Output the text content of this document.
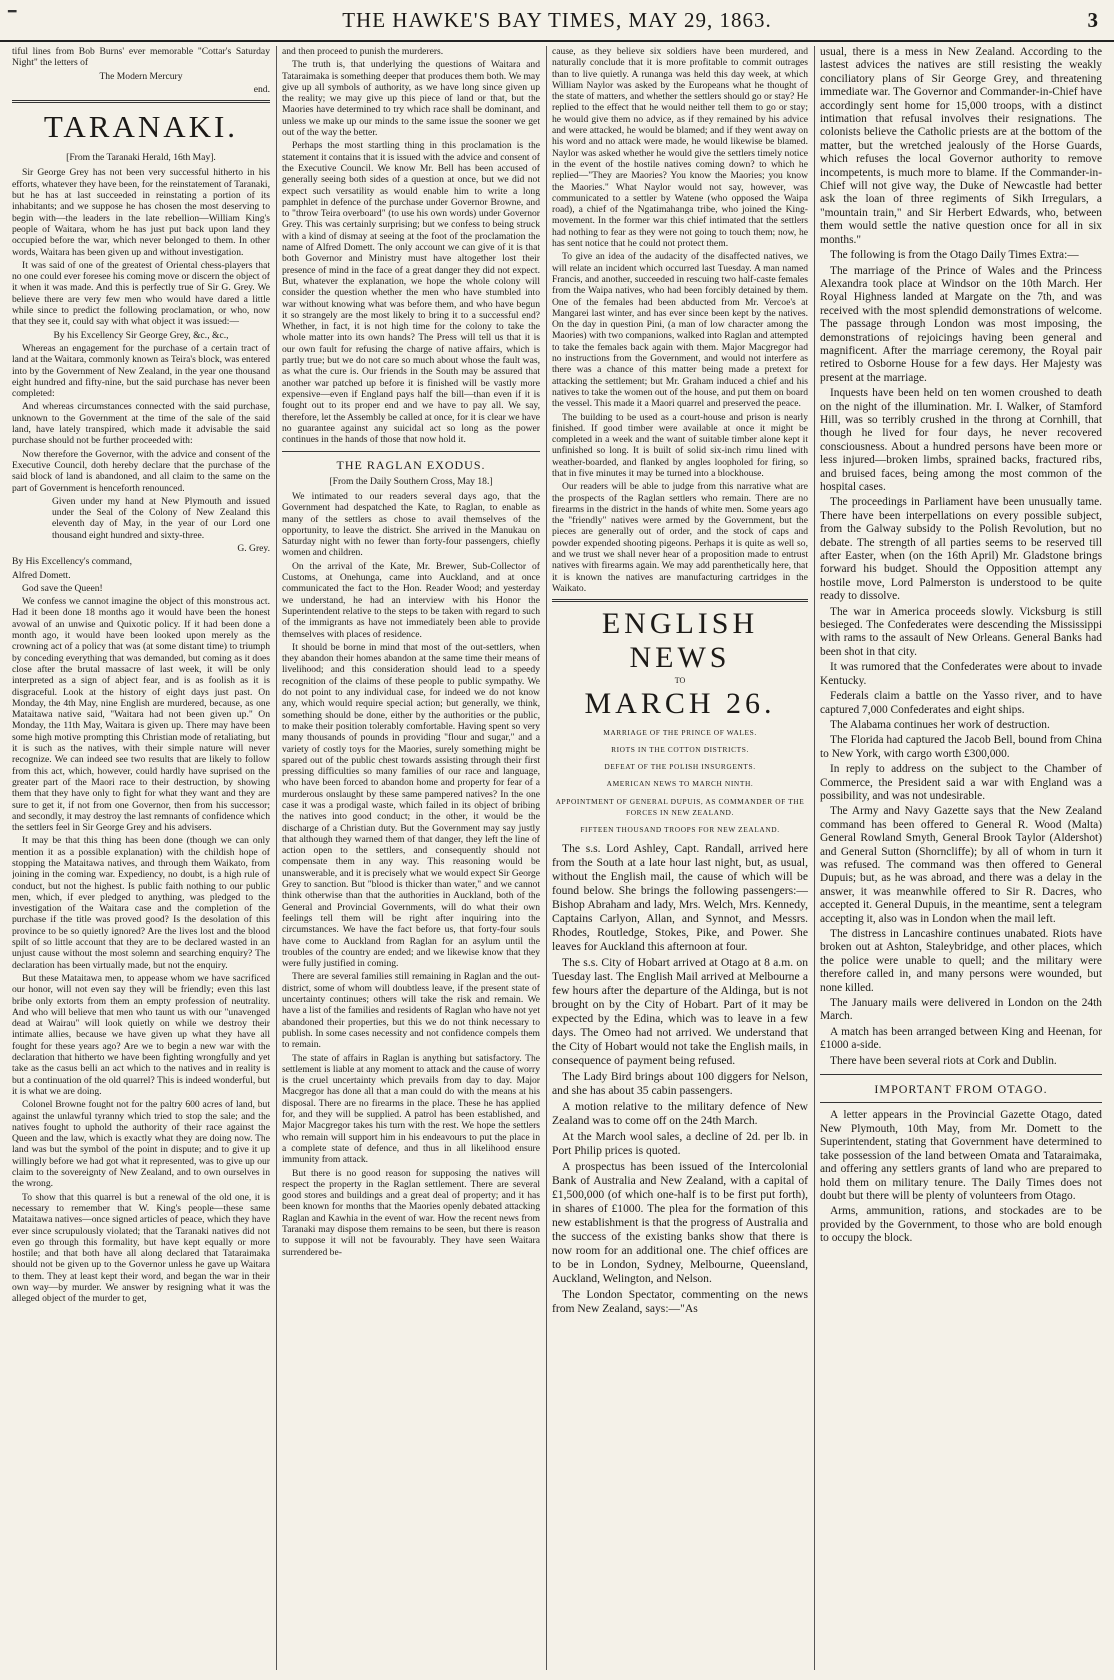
━	THE HAWKE'S BAY TIMES, MAY 29, 1863.	3

tiful lines from Bob Burns' ever memorable "Cottar's Saturday Night" the letters of

The Modern Mercury

end.

TARANAKI.

[From the Taranaki Herald, 16th May].

Sir George Grey has not been very successful hitherto in his efforts, whatever they have been, for the reinstatement of Taranaki, but he has at last succeeded in reinstating a portion of its inhabitants; and we suppose he has chosen the most deserving to begin with—the leaders in the late rebellion—William King's people of Waitara, whom he has just put back upon land they occupied before the war, which never belonged to them. In other words, Waitara has been given up and without investigation.

It was said of one of the greatest of Oriental chess-players that no one could ever foresee his coming move or discern the object of it when it was made. And this is perfectly true of Sir G. Grey. We believe there are very few men who would have dared a little while since to predict the following proclamation, or who, now that they see it, could say with what object it was issued:—

By his Excellency Sir George Grey, &c., &c.,

Whereas an engagement for the purchase of a certain tract of land at the Waitara, commonly known as Teira's block, was entered into by the Government of New Zealand, in the year one thousand eight hundred and fifty-nine, but the said purchase has never been completed:

And whereas circumstances connected with the said purchase, unknown to the Government at the time of the sale of the said land, have lately transpired, which made it advisable the said purchase should not be further proceeded with:

Now therefore the Governor, with the advice and consent of the Executive Council, doth hereby declare that the purchase of the said block of land is abandoned, and all claim to the same on the part of Government is henceforth renounced.

Given under my hand at New Plymouth and issued under the Seal of the Colony of New Zealand this eleventh day of May, in the year of our Lord one thousand eight hundred and sixty-three.

G. Grey.

By His Excellency's command,

Alfred Domett.

God save the Queen!

We confess we cannot imagine the object of this monstrous act. Had it been done 18 months ago it would have been the honest avowal of an unwise and Quixotic policy. If it had been done a month ago, it would have been looked upon merely as the crowning act of a policy that was (at some distant time) to triumph by conceding everything that was demanded, but coming as it does close after the brutal massacre of last week, it will be only interpreted as a sign of abject fear, and is as foolish as it is disgraceful. Look at the history of eight days just past. On Monday, the 4th May, nine English are murdered, because, as one Mataitawa native said, "Waitara had not been given up." On Monday, the 11th May, Waitara is given up. There may have been some high motive prompting this Christian mode of retaliating, but it is such as the natives, with their simple nature will never recognize. We can indeed see two results that are likely to follow from this act, which, however, could hardly have suprised on the greater part of the Maori race to their destruction, by showing them that they have only to fight for what they want and they are sure to get it, if not from one Governor, then from his successor; and secondly, it may destroy the last remnants of confidence which the settlers feel in Sir George Grey and his advisers.

It may be that this thing has been done (though we can only mention it as a possible explanation) with the childish hope of stopping the Mataitawa natives, and through them Waikato, from joining in the coming war. Expediency, no doubt, is a high rule of conduct, but not the highest. Is public faith nothing to our public men, which, if ever pledged to anything, was pledged to the investigation of the Waitara case and the completion of the purchase if the title was proved good? Is the desolation of this province to be so quietly ignored? Are the lives lost and the blood spilt of so little account that they are to be declared wasted in an unjust cause without the most solemn and searching enquiry? The declaration has been virtually made, but not the enquiry.

But these Mataitawa men, to appease whom we have sacrificed our honor, will not even say they will be friendly; even this last bribe only extorts from them an empty profession of neutrality. And who will believe that men who taunt us with our "unavenged dead at Wairau" will look quietly on while we destroy their intimate allies, because we have given up what they have all fought for these years ago? Are we to begin a new war with the declaration that hitherto we have been fighting wrongfully and yet take as the casus belli an act which to the natives and in reality is but a continuation of the old quarrel? This is indeed wonderful, but it is what we are doing.

Colonel Browne fought not for the paltry 600 acres of land, but against the unlawful tyranny which tried to stop the sale; and the natives fought to uphold the authority of their race against the Queen and the law, which is exactly what they are doing now. The land was but the symbol of the point in dispute; and to give it up willingly before we had got what it represented, was to give up our claim to the sovereignty of New Zealand, and to own ourselves in the wrong.

To show that this quarrel is but a renewal of the old one, it is necessary to remember that W. King's people—these same Mataitawa natives—once signed articles of peace, which they have ever since scrupulously violated; that the Taranaki natives did not even go through this formality, but have kept equally or more hostile; and that both have all along declared that Tataraimaka should not be given up to the Governor unless he gave up Waitara to them. They at least kept their word, and began the war in their own way—by murder. We answer by resigning what it was the alleged object of the murder to get,

and then proceed to punish the murderers.

The truth is, that underlying the questions of Waitara and Tataraimaka is something deeper that produces them both. We may give up all symbols of authority, as we have long since given up the reality; we may give up this piece of land or that, but the Maories have determined to try which race shall be dominant, and unless we make up our minds to the same issue the sooner we get out of the way the better.

Perhaps the most startling thing in this proclamation is the statement it contains that it is issued with the advice and consent of the Executive Council. We know Mr. Bell has been accused of generally seeing both sides of a question at once, but we did not expect such versatility as would enable him to write a long pamphlet in defence of the purchase under Governor Browne, and to "throw Teira overboard" (to use his own words) under Governor Grey. This was certainly surprising; but we confess to being struck with a kind of dismay at seeing at the foot of the proclamation the name of Alfred Domett. The only account we can give of it is that both Governor and Ministry must have altogether lost their presence of mind in the face of a great danger they did not expect. But, whatever the explanation, we hope the whole colony will consider the question whether the men who have stumbled into war without knowing what was before them, and who have begun it so strangely are the most likely to bring it to a successful end? Whether, in fact, it is not high time for the colony to take the whole matter into its own hands? The Press will tell us that it is our own fault for refusing the charge of native affairs, which is partly true; but we do not care so much about whose the fault was, as what the cure is. Our friends in the South may be assured that another war patched up before it is finished will be vastly more expensive—even if England pays half the bill—than even if it is fought out to its proper end and we have to pay all. We say, therefore, let the Assembly be called at once, for it is clear we have no guarantee against any suicidal act so long as the power continues in the hands of those that now hold it.

THE RAGLAN EXODUS.

[From the Daily Southern Cross, May 18.]

We intimated to our readers several days ago, that the Government had despatched the Kate, to Raglan, to enable as many of the settlers as chose to avail themselves of the opportunity, to leave the district. She arrived in the Manukau on Saturday night with no fewer than forty-four passengers, chiefly women and children.

On the arrival of the Kate, Mr. Brewer, Sub-Collector of Customs, at Onehunga, came into Auckland, and at once communicated the fact to the Hon. Reader Wood; and yesterday we understand, he had an interview with his Honor the Superintendent relative to the steps to be taken with regard to such of the immigrants as have not immediately been able to provide themselves with places of residence.

It should be borne in mind that most of the out-settlers, when they abandon their homes abandon at the same time their means of livelihood; and this consideration should lead to a speedy recognition of the claims of these people to public sympathy. We do not point to any individual case, for indeed we do not know any, which would require special action; but generally, we think, something should be done, either by the authorities or the public, to make their position tolerably comfortable. Having spent so very many thousands of pounds in providing "flour and sugar," and a variety of costly toys for the Maories, surely something might be spared out of the public chest towards assisting through their first pressing difficulties so many families of our race and language, who have been forced to abandon home and property for fear of a murderous onslaught by these same pampered natives? In the one case it was a prodigal waste, which failed in its object of bribing the natives into good conduct; in the other, it would be the discharge of a Christian duty. But the Government may say justly that although they warned them of that danger, they left the line of action open to the settlers, and consequently should not compensate them in any way. This reasoning would be unanswerable, and it is precisely what we would expect Sir George Grey to sanction. But "blood is thicker than water," and we cannot think otherwise than that the authorities in Auckland, both of the General and Provincial Governments, will do what their own feelings tell them will be right after inquiring into the circumstances. We have the fact before us, that forty-four souls have come to Auckland from Raglan for an asylum until the troubles of the country are ended; and we likewise know that they were fully justified in coming.

There are several families still remaining in Raglan and the out-district, some of whom will doubtless leave, if the present state of uncertainty continues; others will take the risk and remain. We have a list of the families and residents of Raglan who have not yet abandoned their properties, but this we do not think necessary to publish. In some cases necessity and not confidence compels them to remain.

The state of affairs in Raglan is anything but satisfactory. The settlement is liable at any moment to attack and the cause of worry is the cruel uncertainty which prevails from day to day. Major Macgregor has done all that a man could do with the means at his disposal. There are no firearms in the place. These he has applied for, and they will be supplied. A patrol has been established, and Major Macgregor takes his turn with the rest. We hope the settlers who remain will support him in his endeavours to put the place in a complete state of defence, and thus in all likelihood ensure immunity from attack.

But there is no good reason for supposing the natives will respect the property in the Raglan settlement. There are several good stores and buildings and a great deal of property; and it has been known for months that the Maories openly debated attacking Raglan and Kawhia in the event of war. How the recent news from Taranaki may dispose them remains to be seen, but there is reason to suppose it will not be favourably. They have seen Waitara surrendered be-

cause, as they believe six soldiers have been murdered, and naturally conclude that it is more profitable to commit outrages than to live quietly. A runanga was held this day week, at which William Naylor was asked by the Europeans what he thought of the state of matters, and whether the settlers should go or stay? He replied to the effect that he would neither tell them to go or stay; he would give them no advice, as if they remained by his advice and were attacked, he would be blamed; and if they went away on his word and no attack were made, he would likewise be blamed. Naylor was asked whether he would give the settlers timely notice in the event of the hostile natives coming down? to which he replied—"They are Maories? You know the Maories; you know the Maories." What Naylor would not say, however, was communicated to a settler by Watene (who opposed the Waipa road), a chief of the Ngatimahanga tribe, who joined the King-movement. In the former war this chief intimated that the settlers had nothing to fear as they were not going to touch them; now, he has sent notice that he could not protect them.

To give an idea of the audacity of the disaffected natives, we will relate an incident which occurred last Tuesday. A man named Francis, and another, succeeded in rescuing two half-caste females from the Waipa natives, who had been forcibly detained by them. One of the females had been abducted from Mr. Vercoe's at Mangarei last winter, and has ever since been kept by the natives. On the day in question Pini, (a man of low character among the Maories) with two companions, walked into Raglan and attempted to take the females back again with them. Major Macgregor had no instructions from the Government, and would not interfere as there was a chance of this matter being made a pretext for attacking the settlement; but Mr. Graham induced a chief and his natives to take the women out of the house, and put them on board the vessel. This made it a Maori quarrel and preserved the peace.

The building to be used as a court-house and prison is nearly finished. If good timber were available at once it might be completed in a week and the want of suitable timber alone kept it unfinished so long. It is built of solid six-inch rimu lined with weather-boarded, and flanked by angles loopholed for firing, so that in five minutes it may be turned into a blockhouse.

Our readers will be able to judge from this narrative what are the prospects of the Raglan settlers who remain. There are no firearms in the district in the hands of white men. Some years ago the "friendly" natives were armed by the Government, but the pieces are generally out of order, and the stock of caps and powder expended shooting pigeons. Perhaps it is quite as well so, and we trust we shall never hear of a proposition made to entrust natives with firearms again. We may add parenthetically here, that it is known the natives are manufacturing cartridges in the Waikato.

ENGLISH NEWS
TO
MARCH 26.

MARRIAGE OF THE PRINCE OF WALES.

RIOTS IN THE COTTON DISTRICTS.

DEFEAT OF THE POLISH INSURGENTS.

AMERICAN NEWS TO MARCH NINTH.

APPOINTMENT OF GENERAL DUPUIS, AS COMMANDER OF THE FORCES IN NEW ZEALAND.

FIFTEEN THOUSAND TROOPS FOR NEW ZEALAND.

The s.s. Lord Ashley, Capt. Randall, arrived here from the South at a late hour last night, but, as usual, without the English mail, the cause of which will be found below. She brings the following passengers:—Bishop Abraham and lady, Mrs. Welch, Mrs. Kennedy, Captains Carlyon, Allan, and Synnot, and Messrs. Rhodes, Routledge, Stokes, Pike, and Power. She leaves for Auckland this afternoon at four.

The s.s. City of Hobart arrived at Otago at 8 a.m. on Tuesday last. The English Mail arrived at Melbourne a few hours after the departure of the Aldinga, but is not brought on by the City of Hobart. Part of it may be expected by the Edina, which was to leave in a few days. The Omeo had not arrived. We understand that the City of Hobart would not take the English mails, in consequence of payment being refused.

The Lady Bird brings about 100 diggers for Nelson, and she has about 35 cabin passengers.

A motion relative to the military defence of New Zealand was to come off on the 24th March.

At the March wool sales, a decline of 2d. per lb. in Port Philip prices is quoted.

A prospectus has been issued of the Intercolonial Bank of Australia and New Zealand, with a capital of £1,500,000 (of which one-half is to be first put forth), in shares of £1000. The plea for the formation of this new establishment is that the progress of Australia and the success of the existing banks show that there is now room for an additional one. The chief offices are to be in London, Sydney, Melbourne, Queensland, Auckland, Welington, and Nelson.

The London Spectator, commenting on the news from New Zealand, says:—"As

usual, there is a mess in New Zealand. According to the lastest advices the natives are still resisting the weakly conciliatory plans of Sir George Grey, and threatening immediate war. The Governor and Commander-in-Chief have accordingly sent home for 15,000 troops, with a distinct intimation that refusal involves their resignations. The colonists believe the Catholic priests are at the bottom of the matter, but the wretched jealously of the Horse Guards, which refuses the local Governor authority to remove incompetents, is much more to blame. If the Commander-in-Chief will not give way, the Duke of Newcastle had better ask the loan of three regiments of Sikh Irregulars, a "mountain train," and Sir Herbert Edwards, who, between them would settle the native question once for all in six months."

The following is from the Otago Daily Times Extra:—

The marriage of the Prince of Wales and the Princess Alexandra took place at Windsor on the 10th March. Her Royal Highness landed at Margate on the 7th, and was received with the most splendid demonstrations of welcome. The passage through London was most imposing, the demonstrations of rejoicings having been general and magnificent. After the marriage ceremony, the Royal pair retired to Osborne House for a few days. Her Majesty was present at the marriage.

Inquests have been held on ten women croushed to death on the night of the illumination. Mr. I. Walker, of Stamford Hill, was so terribly crushed in the throng at Cornhill, that though he lived for four days, he never recovered consciousness. About a hundred persons have been more or less injured—broken limbs, sprained backs, fractured ribs, and bruised faces, being among the most common of the hospital cases.

The proceedings in Parliament have been unusually tame. There have been interpellations on every possible subject, from the Galway subsidy to the Polish Revolution, but no debate. The strength of all parties seems to be reserved till after Easter, when (on the 16th April) Mr. Gladstone brings forward his budget. Should the Opposition attempt any hostile move, Lord Palmerston is understood to be quite ready to dissolve.

The war in America proceeds slowly. Vicksburg is still besieged. The Confederates were descending the Mississippi with rams to the assault of New Orleans. General Banks had been shot in that city.

It was rumored that the Confederates were about to invade Kentucky.

Federals claim a battle on the Yasso river, and to have captured 7,000 Confederates and eight ships.

The Alabama continues her work of destruction.

The Florida had captured the Jacob Bell, bound from China to New York, with cargo worth £300,000.

In reply to address on the subject to the Chamber of Commerce, the President said a war with England was a possibility, and was not undesirable.

The Army and Navy Gazette says that the New Zealand command has been offered to General R. Wood (Malta) General Rowland Smyth, General Brook Taylor (Aldershot) and General Sutton (Shorncliffe); by all of whom in turn it was refused. The command was then offered to General Dupuis; but, as he was abroad, and there was a delay in the answer, it was meanwhile offered to Sir R. Dacres, who accepted it. General Dupuis, in the meantime, sent a telegram accepting it, also was in London when the mail left.

The distress in Lancashire continues unabated. Riots have broken out at Ashton, Staleybridge, and other places, which the police were unable to quell; and the military were therefore called in, and many persons were wounded, but none killed.

The January mails were delivered in London on the 24th March.

A match has been arranged between King and Heenan, for £1000 a-side.

There have been several riots at Cork and Dublin.

IMPORTANT FROM OTAGO.

A letter appears in the Provincial Gazette Otago, dated New Plymouth, 10th May, from Mr. Domett to the Superintendent, stating that Government have determined to take possession of the land between Omata and Tataraimaka, and offering any settlers grants of land who are prepared to hold them on military tenure. The Daily Times does not doubt but there will be plenty of volunteers from Otago.

Arms, ammunition, rations, and stockades are to be provided by the Government, to those who are bold enough to occupy the block.
